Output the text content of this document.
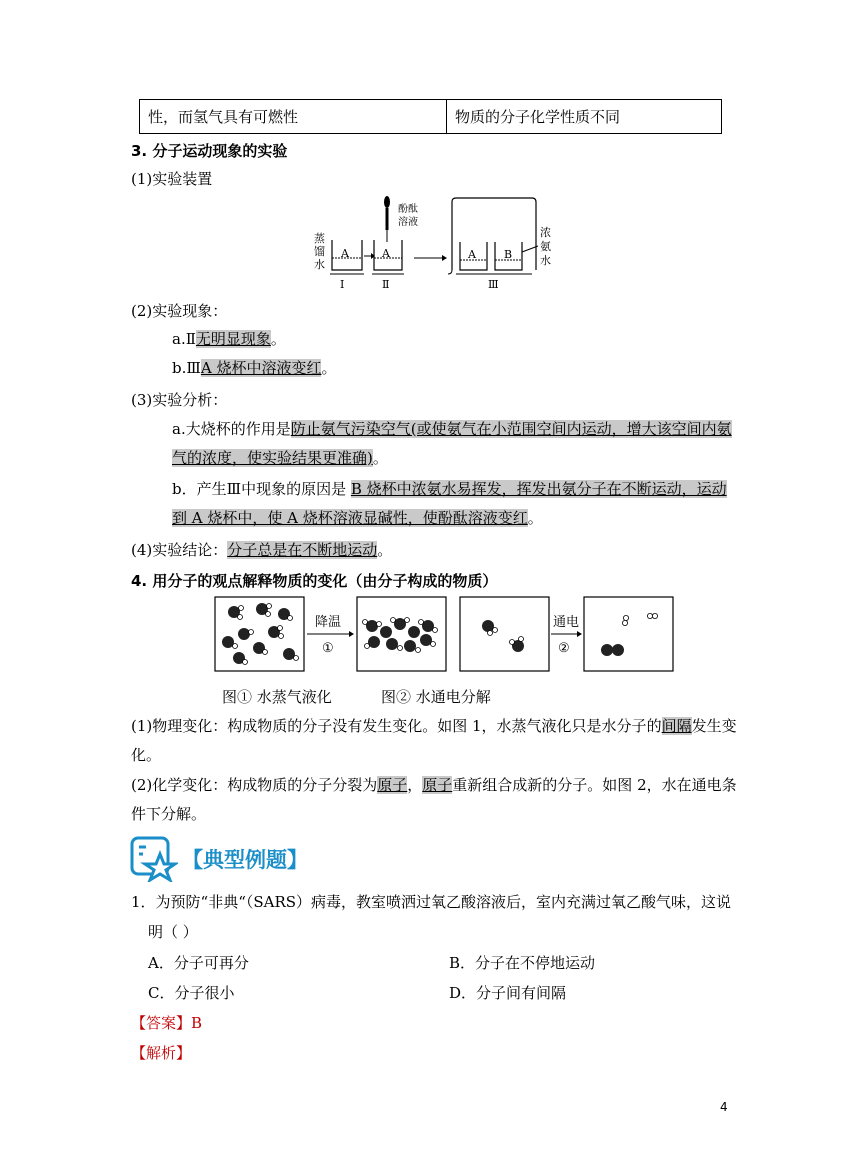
性，而氢气具有可燃性	物质的分子化学性质不同
3. 分子运动现象的实验
(1)实验装置
蒸
馏
水
A
Ⅰ
酚酞
溶液
A
Ⅱ
A	B
Ⅲ
浓
氨
水
(2)实验现象：
a.Ⅱ无明显现象。
b.ⅢA 烧杯中溶液变红。
(3)实验分析：
a.大烧杯的作用是防止氨气污染空气(或使氨气在小范围空间内运动，增大该空间内氨
气的浓度，使实验结果更准确)。
b．产生Ⅲ中现象的原因是 B 烧杯中浓氨水易挥发，挥发出氨分子在不断运动，运动
到 A 烧杯中，使 A 烧杯溶液显碱性，使酚酞溶液变红。
(4)实验结论：分子总是在不断地运动。
4. 用分子的观点解释物质的变化（由分子构成的物质）
降温
①
通电
②
图① 水蒸气液化	图② 水通电分解
(1)物理变化：构成物质的分子没有发生变化。如图 1，水蒸气液化只是水分子的间隔发生变
化。
(2)化学变化：构成物质的分子分裂为原子，原子重新组合成新的分子。如图 2，水在通电条
件下分解。
【典型例题】
1．为预防“非典“（SARS）病毒，教室喷洒过氧乙酸溶液后，室内充满过氧乙酸气味，这说
明（ ）
A．分子可再分	B．分子在不停地运动
C．分子很小	D．分子间有间隔
【答案】B
【解析】
4
